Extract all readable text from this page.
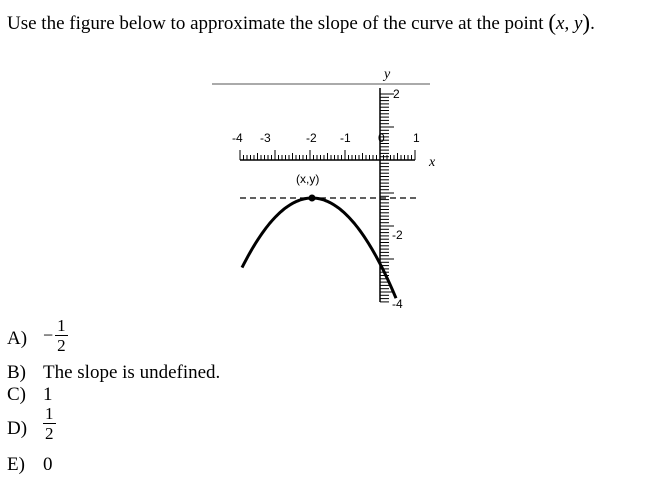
Use the figure below to approximate the slope of the curve at the point (x, y).
y
x
(x,y)
-4 -3	-2 -1 0 1
2
-2
-4
$A) - \frac{1}{2}$
B) The slope is undefined.
C) 1
$D) \frac{1}{2}$
E) 0
